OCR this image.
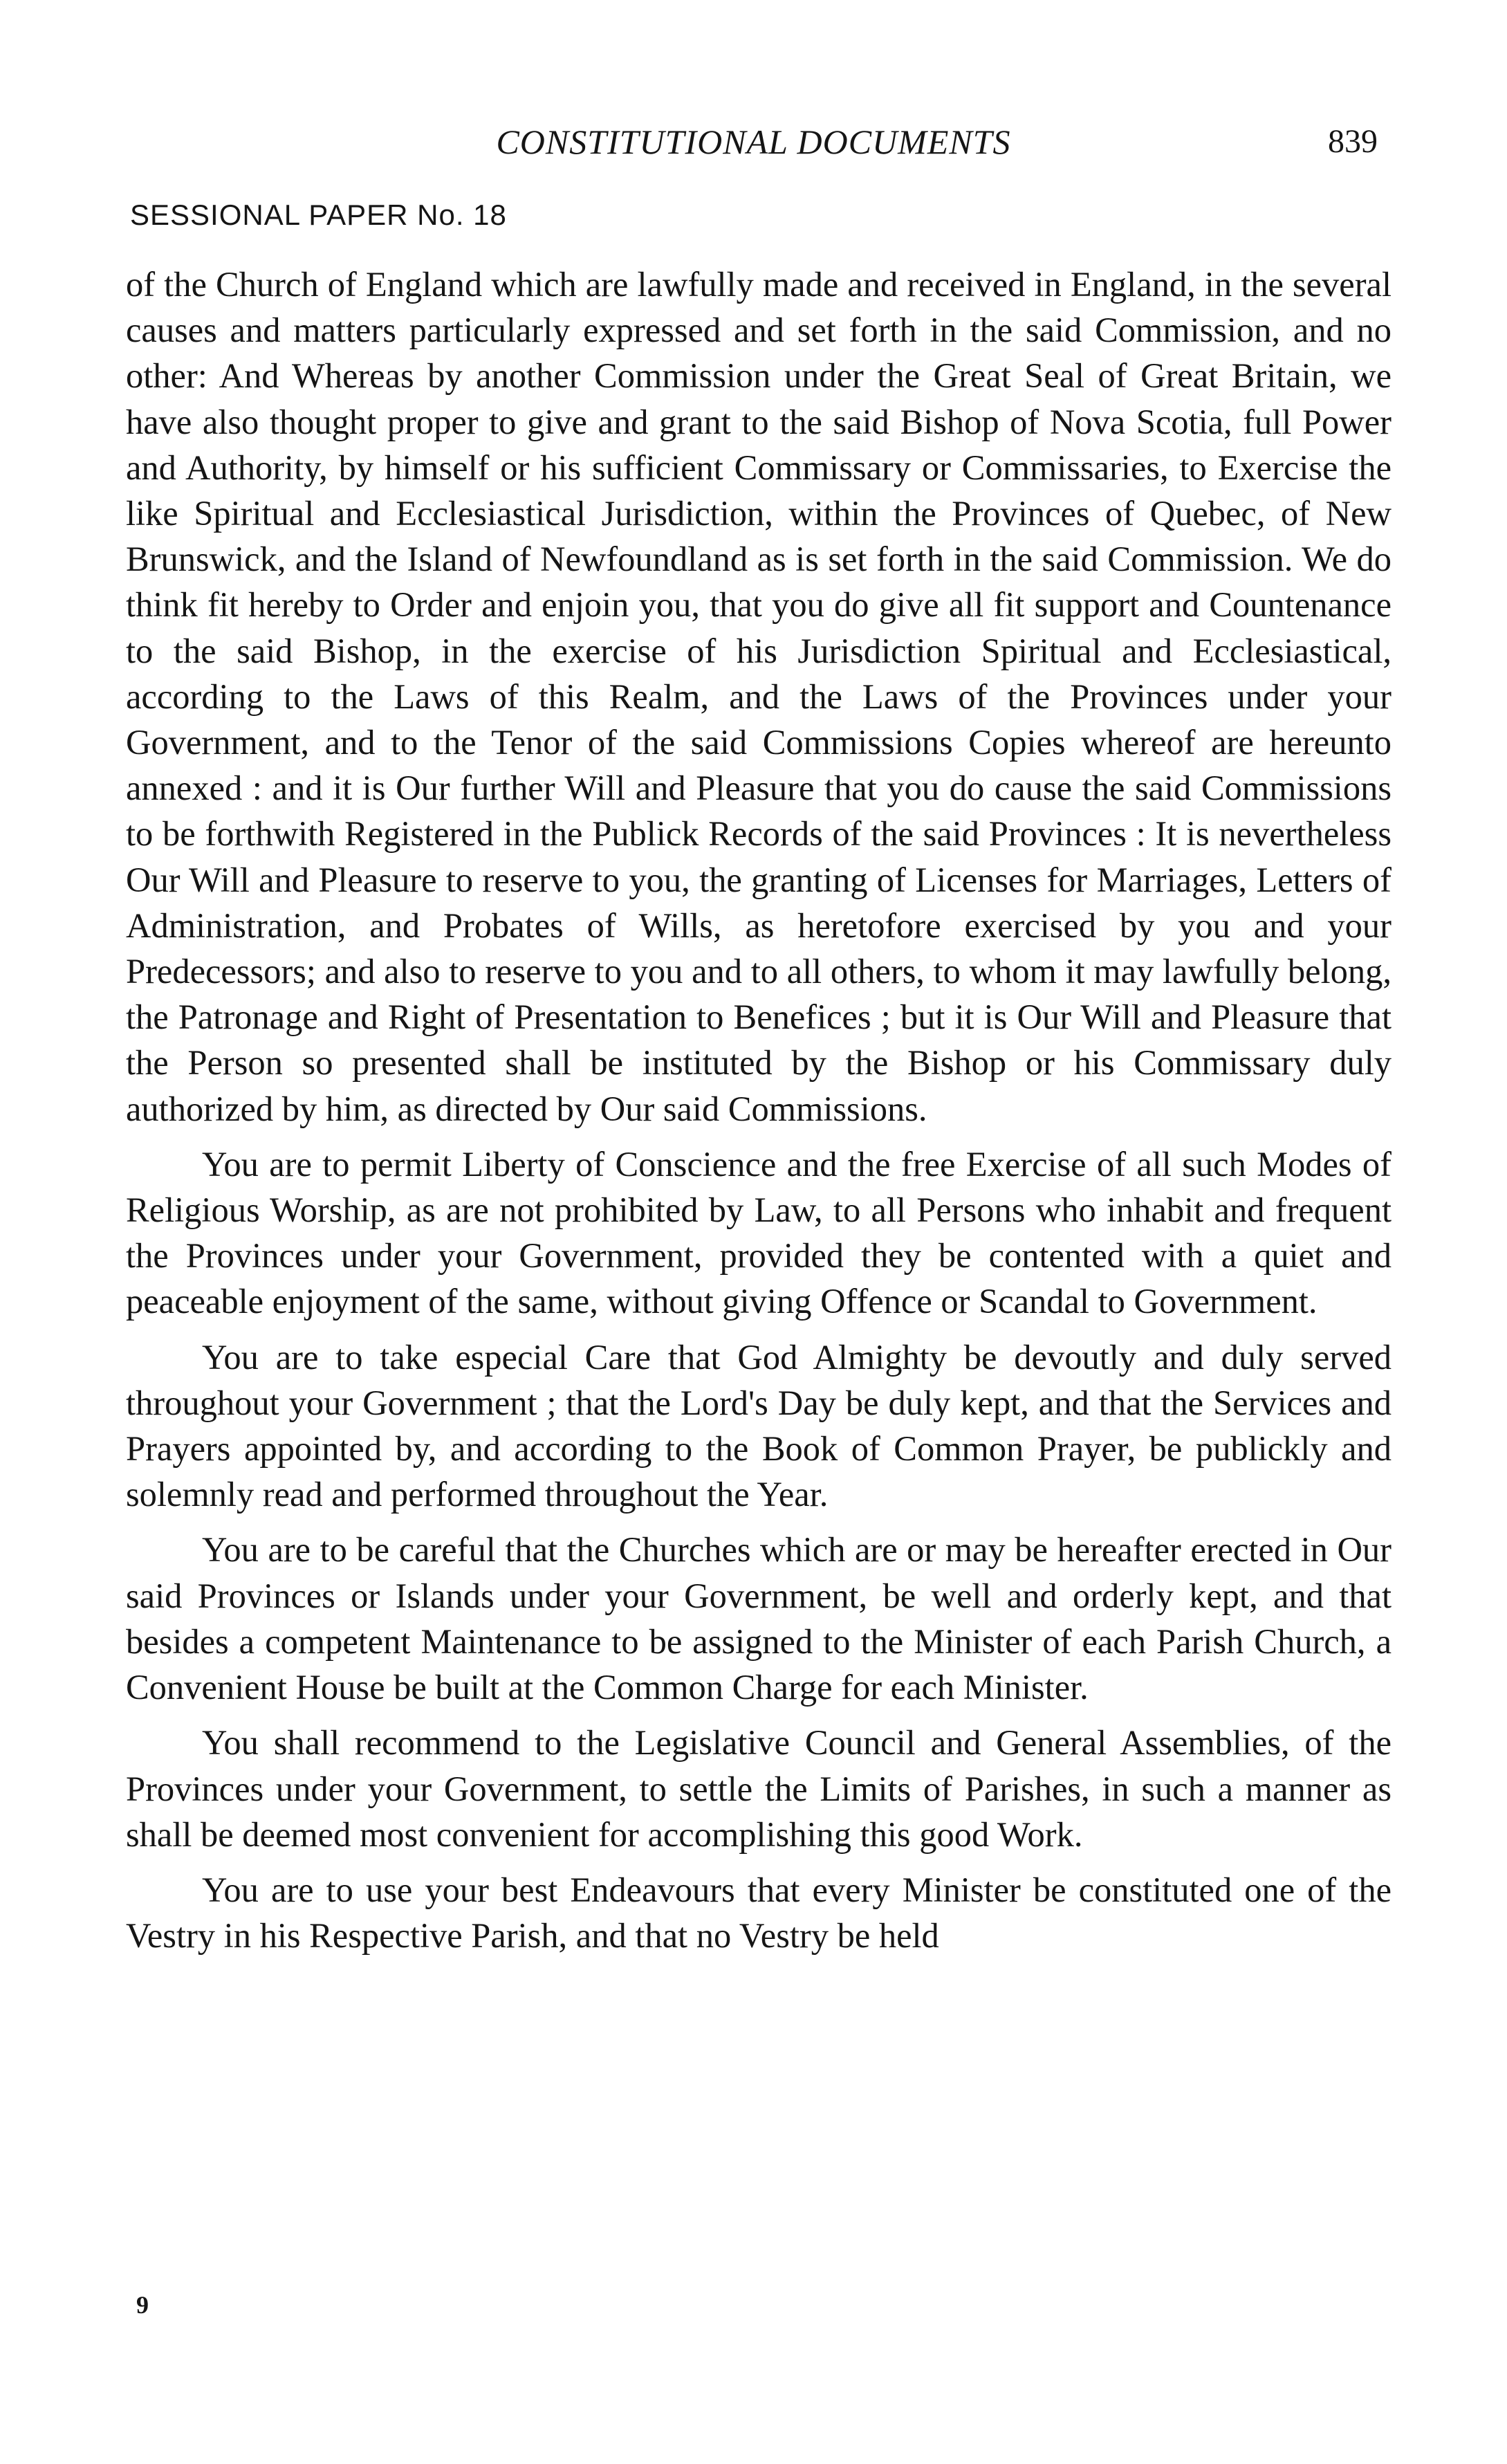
CONSTITUTIONAL DOCUMENTS	839
SESSIONAL PAPER No. 18

of the Church of England which are lawfully made and received in England, in the several causes and matters particularly expressed and set forth in the said Commission, and no other: And Whereas by another Commission under the Great Seal of Great Britain, we have also thought proper to give and grant to the said Bishop of Nova Scotia, full Power and Authority, by himself or his sufficient Commissary or Commissaries, to Exercise the like Spiritual and Ecclesiastical Jurisdiction, within the Provinces of Quebec, of New Brunswick, and the Island of Newfoundland as is set forth in the said Commission. We do think fit hereby to Order and enjoin you, that you do give all fit support and Countenance to the said Bishop, in the exercise of his Jurisdiction Spiritual and Ecclesiastical, according to the Laws of this Realm, and the Laws of the Provinces under your Government, and to the Tenor of the said Commissions Copies whereof are hereunto annexed : and it is Our further Will and Pleasure that you do cause the said Commissions to be forthwith Registered in the Publick Records of the said Provinces : It is nevertheless Our Will and Pleasure to reserve to you, the granting of Licenses for Marriages, Letters of Administration, and Probates of Wills, as heretofore exercised by you and your Predecessors; and also to reserve to you and to all others, to whom it may lawfully belong, the Patronage and Right of Presentation to Benefices ; but it is Our Will and Pleasure that the Person so presented shall be instituted by the Bishop or his Commissary duly authorized by him, as directed by Our said Commissions.

You are to permit Liberty of Conscience and the free Exercise of all such Modes of Religious Worship, as are not prohibited by Law, to all Persons who inhabit and frequent the Provinces under your Government, provided they be contented with a quiet and peaceable enjoyment of the same, without giving Offence or Scandal to Government.

You are to take especial Care that God Almighty be devoutly and duly served throughout your Government ; that the Lord's Day be duly kept, and that the Services and Prayers appointed by, and according to the Book of Common Prayer, be publickly and solemnly read and performed throughout the Year.

You are to be careful that the Churches which are or may be hereafter erected in Our said Provinces or Islands under your Government, be well and orderly kept, and that besides a competent Maintenance to be assigned to the Minister of each Parish Church, a Convenient House be built at the Common Charge for each Minister.

You shall recommend to the Legislative Council and General Assemblies, of the Provinces under your Government, to settle the Limits of Parishes, in such a manner as shall be deemed most convenient for accomplishing this good Work.

You are to use your best Endeavours that every Minister be constituted one of the Vestry in his Respective Parish, and that no Vestry be held

9
